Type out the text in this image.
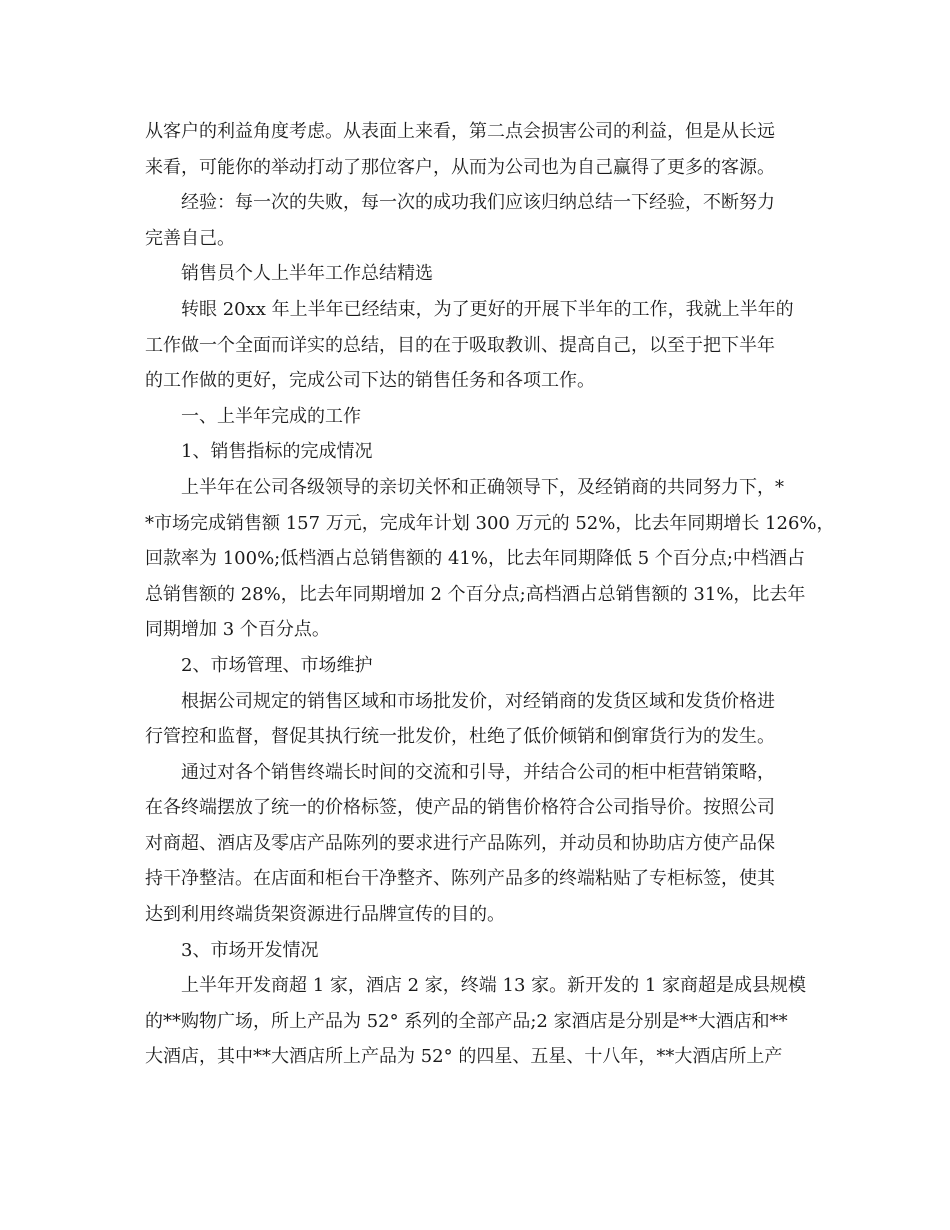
从客户的利益角度考虑。从表面上来看，第二点会损害公司的利益，但是从长远
来看，可能你的举动打动了那位客户，从而为公司也为自己赢得了更多的客源。
经验：每一次的失败，每一次的成功我们应该归纳总结一下经验，不断努力
完善自己。
销售员个人上半年工作总结精选
转眼 20xx 年上半年已经结束，为了更好的开展下半年的工作，我就上半年的
工作做一个全面而详实的总结，目的在于吸取教训、提高自己，以至于把下半年
的工作做的更好，完成公司下达的销售任务和各项工作。
一、上半年完成的工作
1、销售指标的完成情况
上半年在公司各级领导的亲切关怀和正确领导下，及经销商的共同努力下，*
*市场完成销售额 157 万元，完成年计划 300 万元的 52%，比去年同期增长 126%，
回款率为 100%;低档酒占总销售额的 41%，比去年同期降低 5 个百分点;中档酒占
总销售额的 28%，比去年同期增加 2 个百分点;高档酒占总销售额的 31%，比去年
同期增加 3 个百分点。
2、市场管理、市场维护
根据公司规定的销售区域和市场批发价，对经销商的发货区域和发货价格进
行管控和监督，督促其执行统一批发价，杜绝了低价倾销和倒窜货行为的发生。
通过对各个销售终端长时间的交流和引导，并结合公司的柜中柜营销策略，
在各终端摆放了统一的价格标签，使产品的销售价格符合公司指导价。按照公司
对商超、酒店及零店产品陈列的要求进行产品陈列，并动员和协助店方使产品保
持干净整洁。在店面和柜台干净整齐、陈列产品多的终端粘贴了专柜标签，使其
达到利用终端货架资源进行品牌宣传的目的。
3、市场开发情况
上半年开发商超 1 家，酒店 2 家，终端 13 家。新开发的 1 家商超是成县规模
的**购物广场，所上产品为 52° 系列的全部产品;2 家酒店是分别是**大酒店和**
大酒店，其中**大酒店所上产品为 52° 的四星、五星、十八年，**大酒店所上产
